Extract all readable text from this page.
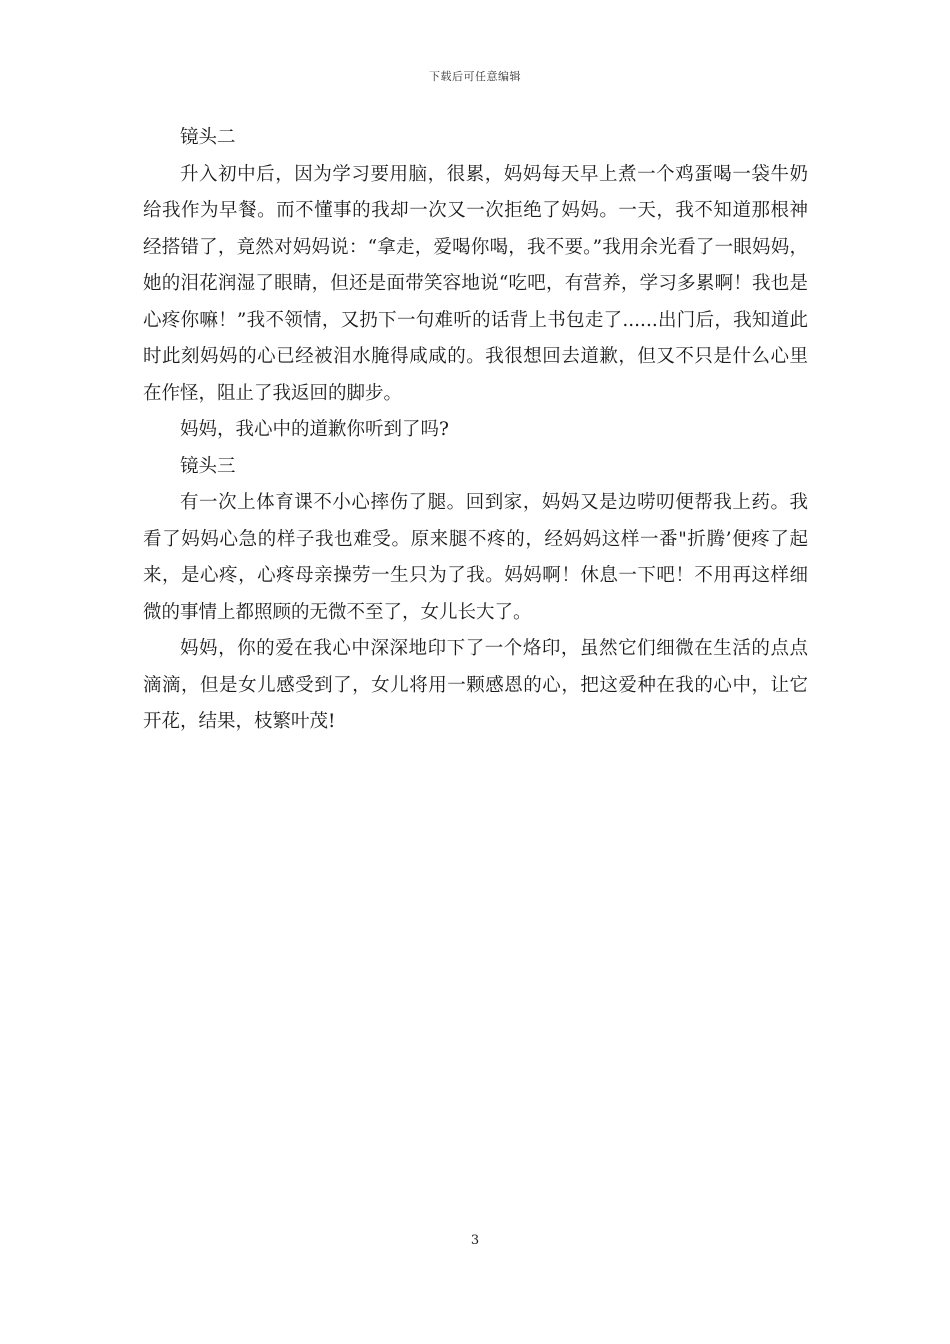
下载后可任意编辑

镜头二

升入初中后，因为学习要用脑，很累，妈妈每天早上煮一个鸡蛋喝一袋牛奶给我作为早餐。而不懂事的我却一次又一次拒绝了妈妈。一天，我不知道那根神经搭错了，竟然对妈妈说：“拿走，爱喝你喝，我不要。”我用余光看了一眼妈妈，她的泪花润湿了眼睛，但还是面带笑容地说“吃吧，有营养，学习多累啊！我也是心疼你嘛！”我不领情，又扔下一句难听的话背上书包走了......出门后，我知道此时此刻妈妈的心已经被泪水腌得咸咸的。我很想回去道歉，但又不只是什么心里在作怪，阻止了我返回的脚步。

妈妈，我心中的道歉你听到了吗?

镜头三

有一次上体育课不小心摔伤了腿。回到家，妈妈又是边唠叨便帮我上药。我看了妈妈心急的样子我也难受。原来腿不疼的，经妈妈这样一番"折腾’便疼了起来，是心疼，心疼母亲操劳一生只为了我。妈妈啊！休息一下吧！不用再这样细微的事情上都照顾的无微不至了，女儿长大了。

妈妈，你的爱在我心中深深地印下了一个烙印，虽然它们细微在生活的点点滴滴，但是女儿感受到了，女儿将用一颗感恩的心，把这爱种在我的心中，让它开花，结果，枝繁叶茂!

3
